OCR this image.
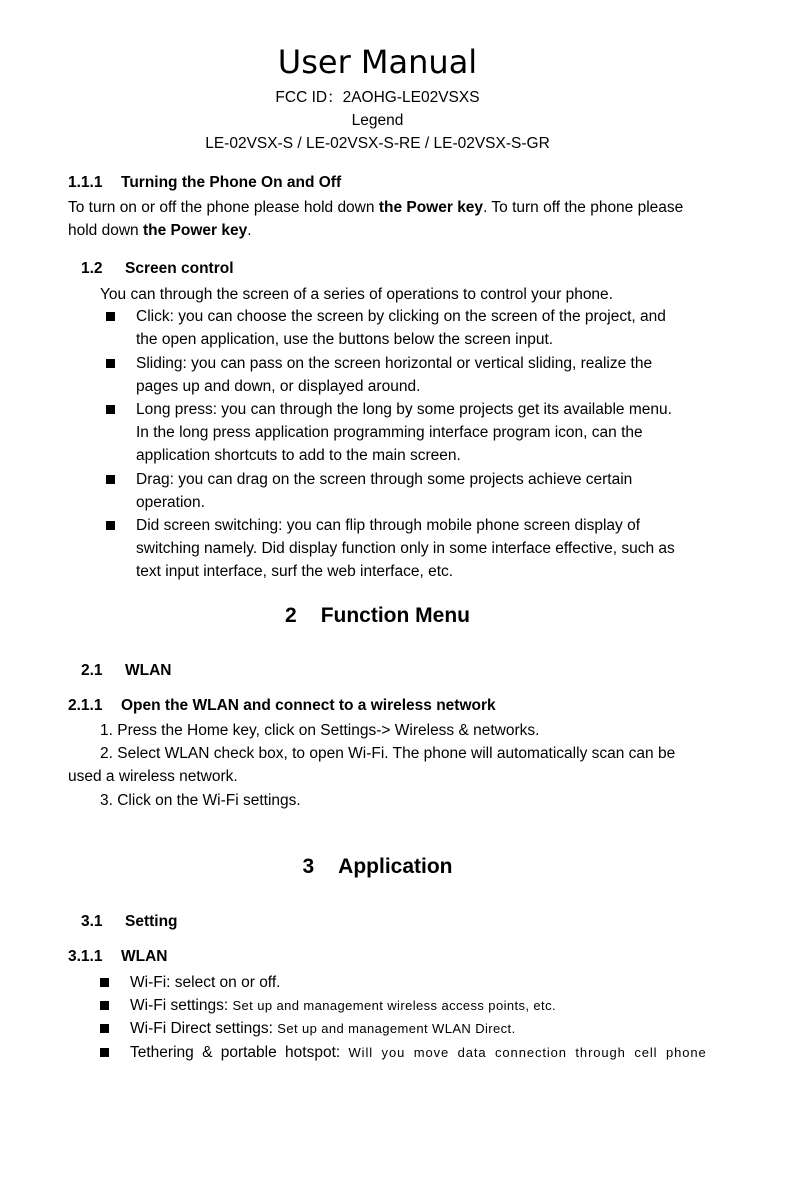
User Manual
FCC ID：2AOHG-LE02VSXS
Legend
LE-02VSX-S / LE-02VSX-S-RE / LE-02VSX-S-GR
1.1.1 Turning the Phone On and Off
To turn on or off the phone please hold down the Power key. To turn off the phone please
hold down the Power key.
1.2 Screen control
You can through the screen of a series of operations to control your phone.
Click: you can choose the screen by clicking on the screen of the project, and
the open application, use the buttons below the screen input.
Sliding: you can pass on the screen horizontal or vertical sliding, realize the
pages up and down, or displayed around.
Long press: you can through the long by some projects get its available menu.
In the long press application programming interface program icon, can the
application shortcuts to add to the main screen.
Drag: you can drag on the screen through some projects achieve certain
operation.
Did screen switching: you can flip through mobile phone screen display of
switching namely. Did display function only in some interface effective, such as
text input interface, surf the web interface, etc.
2 Function Menu
2.1 WLAN
2.1.1 Open the WLAN and connect to a wireless network
1. Press the Home key, click on Settings-> Wireless & networks.
2. Select WLAN check box, to open Wi-Fi. The phone will automatically scan can be
used a wireless network.
3. Click on the Wi-Fi settings.
3 Application
3.1 Setting
3.1.1 WLAN
Wi-Fi: select on or off.
Wi-Fi settings: Set up and management wireless access points, etc.
Wi-Fi Direct settings: Set up and management WLAN Direct.
Tethering & portable hotspot: Will you move data connection through cell phone
